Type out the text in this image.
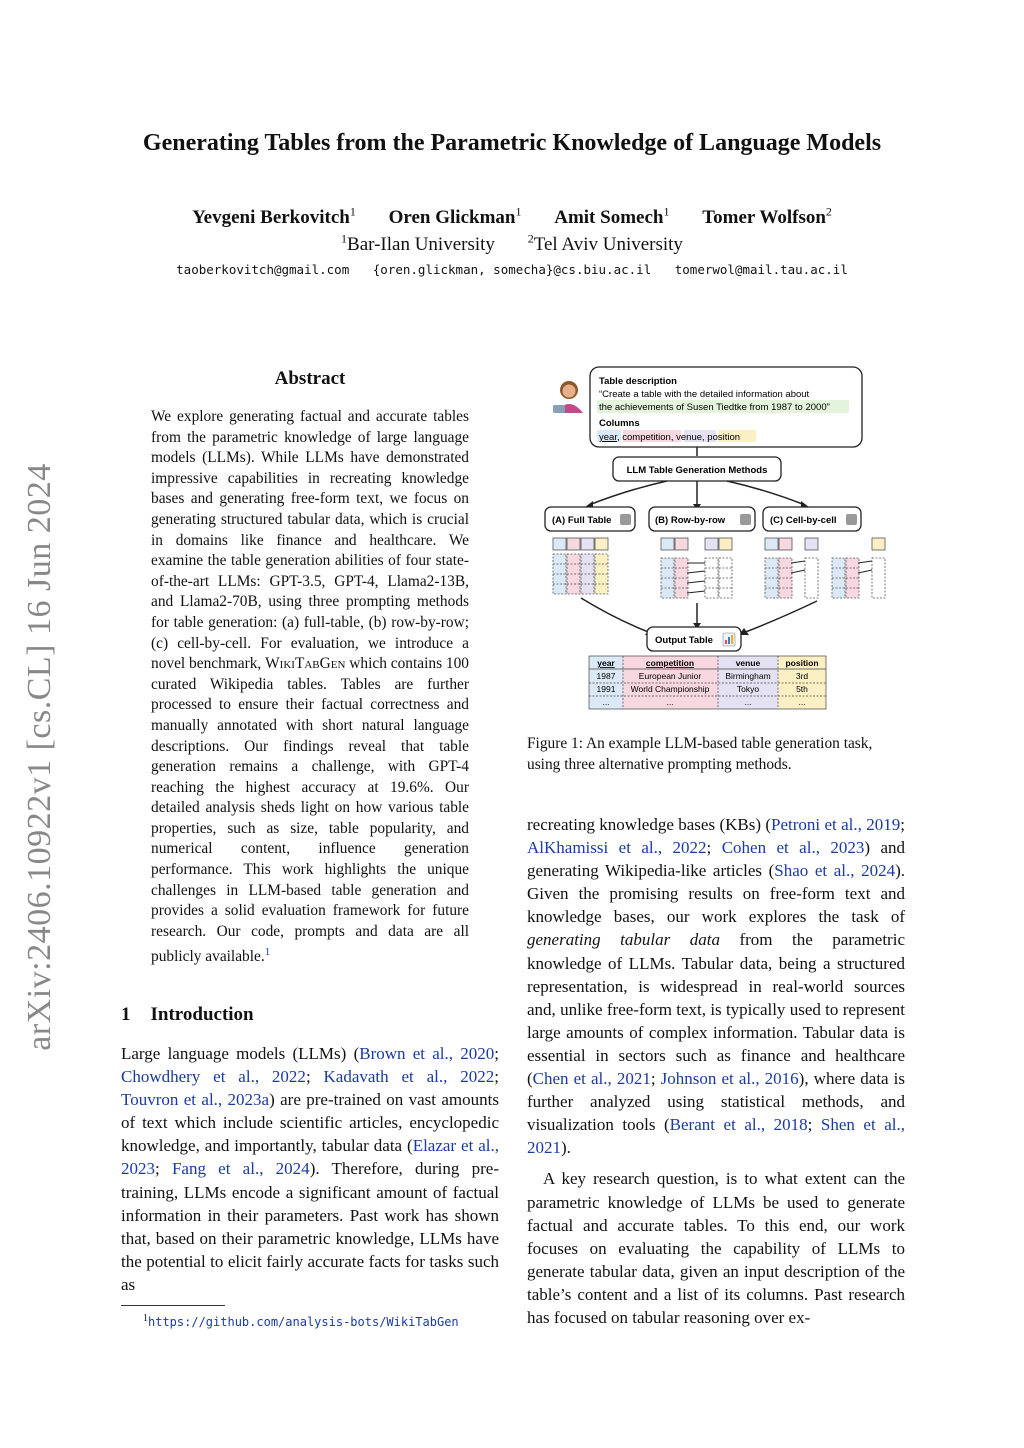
Generating Tables from the Parametric Knowledge of Language Models
Yevgeni Berkovitch$^1$ Oren Glickman$^1$ Amit Somech$^1$ Tomer Wolfson$^2$
$^1$Bar-Ilan University	$^2$Tel Aviv University
taoberkovitch@gmail.com {oren.glickman, somecha}@cs.biu.ac.il tomerwol@mail.tau.ac.il
arXiv:2406.10922v1 [cs.CL] 16 Jun 2024
Abstract
We explore generating factual and accurate tables from the parametric knowledge of large language models (LLMs). While LLMs have demonstrated impressive capabilities in recreating knowledge bases and generating free-form text, we focus on generating structured tabular data, which is crucial in domains like finance and healthcare. We examine the table generation abilities of four state-of-the-art LLMs: GPT-3.5, GPT-4, Llama2-13B, and Llama2-70B, using three prompting methods for table generation: (a) full-table, (b) row-by-row; (c) cell-by-cell. For evaluation, we introduce a novel benchmark, WikiTabGen which contains 100 curated Wikipedia tables. Tables are further processed to ensure their factual correctness and manually annotated with short natural language descriptions. Our findings reveal that table generation remains a challenge, with GPT-4 reaching the highest accuracy at 19.6%. Our detailed analysis sheds light on how various table properties, such as size, table popularity, and numerical content, influence generation performance. This work highlights the unique challenges in LLM-based table generation and provides a solid evaluation framework for future research. Our code, prompts and data are all publicly available.$^1$
1 Introduction

Large language models (LLMs) (Brown et al., 2020; Chowdhery et al., 2022; Kadavath et al., 2022; Touvron et al., 2023a) are pre-trained on vast amounts of text which include scientific articles, encyclopedic knowledge, and importantly, tabular data (Elazar et al., 2023; Fang et al., 2024). Therefore, during pre-training, LLMs encode a significant amount of factual information in their parameters. Past work has shown that, based on their parametric knowledge, LLMs have the potential to elicit fairly accurate facts for tasks such as

Table description
“Create a table with the detailed information about
the achievements of Susen Tiedtke from 1987 to 2000”
Columns
year, competition, venue, position
LLM Table Generation Methods
(A) Full Table	(B) Row-by-row	(C) Cell-by-cell
Output Table
year	competition	venue	position
1987	European Junior	Birmingham	3rd
1991 World Championship	Tokyo	5th
...	...	...	...
Figure 1: An example LLM-based table generation task, using three alternative prompting methods.

recreating knowledge bases (KBs) (Petroni et al., 2019; AlKhamissi et al., 2022; Cohen et al., 2023) and generating Wikipedia-like articles (Shao et al., 2024). Given the promising results on free-form text and knowledge bases, our work explores the task of generating tabular data from the parametric knowledge of LLMs. Tabular data, being a structured representation, is widespread in real-world sources and, unlike free-form text, is typically used to represent large amounts of complex information. Tabular data is essential in sectors such as finance and healthcare (Chen et al., 2021; Johnson et al., 2016), where data is further analyzed using statistical methods, and visualization tools (Berant et al., 2018; Shen et al., 2021).

A key research question, is to what extent can the parametric knowledge of LLMs be used to generate factual and accurate tables. To this end, our work focuses on evaluating the capability of LLMs to generate tabular data, given an input description of the table’s content and a list of its columns. Past research has focused on tabular reasoning over ex-

$^1$https://github.com/analysis-bots/WikiTabGen
